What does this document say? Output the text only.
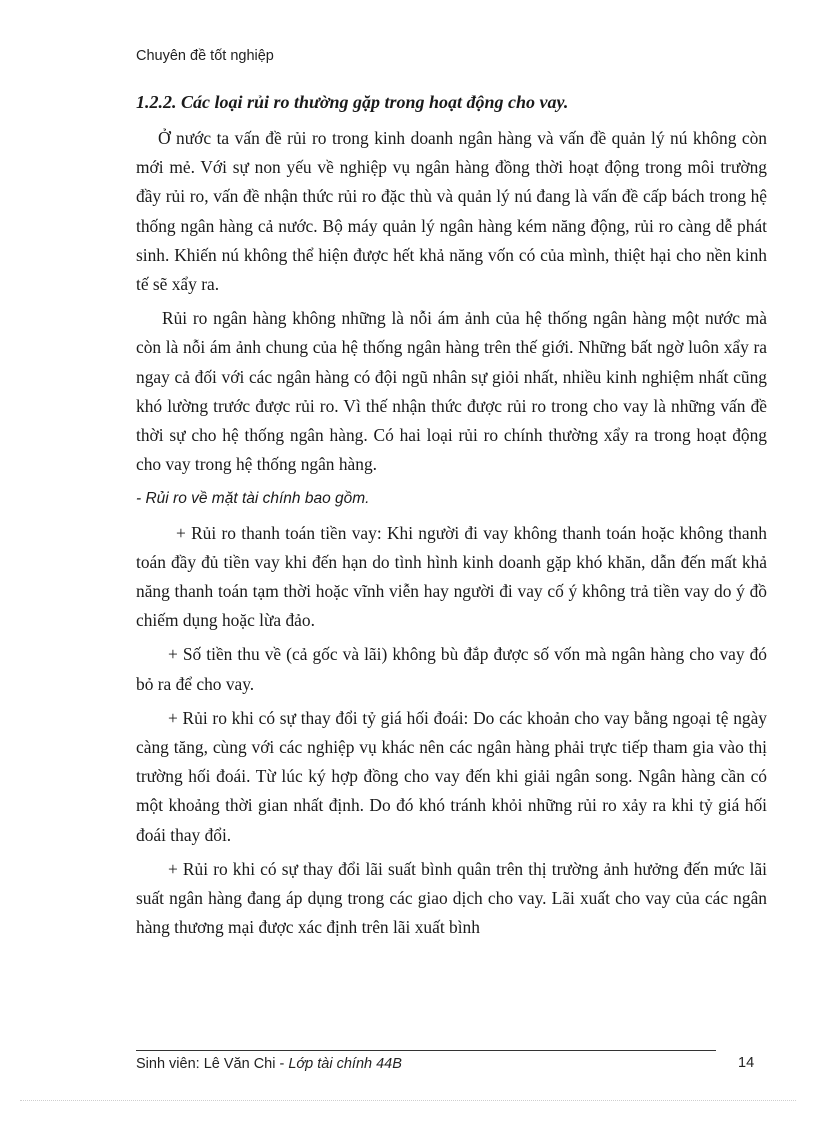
Chuyên đề tốt nghiệp
1.2.2. Các loại rủi ro thường gặp trong hoạt động cho vay.

Ở nước ta vấn đề rủi ro trong kinh doanh ngân hàng và vấn đề quản lý nú không còn mới mẻ. Với sự non yếu về nghiệp vụ ngân hàng đồng thời hoạt động trong môi trường đầy rủi ro, vấn đề nhận thức rủi ro đặc thù và quản lý nú đang là vấn đề cấp bách trong hệ thống ngân hàng cả nước. Bộ máy quản lý ngân hàng kém năng động, rủi ro càng dễ phát sinh. Khiến nú không thể hiện được hết khả năng vốn có của mình, thiệt hại cho nền kinh tế sẽ xẩy ra.

Rủi ro ngân hàng không những là nỗi ám ảnh của hệ thống ngân hàng một nước mà còn là nỗi ám ảnh chung của hệ thống ngân hàng trên thế giới. Những bất ngờ luôn xẩy ra ngay cả đối với các ngân hàng có đội ngũ nhân sự giỏi nhất, nhiều kinh nghiệm nhất cũng khó lường trước được rủi ro. Vì thế nhận thức được rủi ro trong cho vay là những vấn đề thời sự cho hệ thống ngân hàng. Có hai loại rủi ro chính thường xẩy ra trong hoạt động cho vay trong hệ thống ngân hàng.

- Rủi ro về mặt tài chính bao gồm.

+ Rủi ro thanh toán tiền vay: Khi người đi vay không thanh toán hoặc không thanh toán đầy đủ tiền vay khi đến hạn do tình hình kinh doanh gặp khó khăn, dẫn đến mất khả năng thanh toán tạm thời hoặc vĩnh viễn hay người đi vay cố ý không trả tiền vay do ý đồ chiếm dụng hoặc lừa đảo.

+ Số tiền thu về (cả gốc và lãi) không bù đắp được số vốn mà ngân hàng cho vay đó bỏ ra để cho vay.

+ Rủi ro khi có sự thay đổi tỷ giá hối đoái: Do các khoản cho vay bằng ngoại tệ ngày càng tăng, cùng với các nghiệp vụ khác nên các ngân hàng phải trực tiếp tham gia vào thị trường hối đoái. Từ lúc ký hợp đồng cho vay đến khi giải ngân song. Ngân hàng cần có một khoảng thời gian nhất định. Do đó khó tránh khỏi những rủi ro xảy ra khi tỷ giá hối đoái thay đổi.

+ Rủi ro khi có sự thay đổi lãi suất bình quân trên thị trường ảnh hưởng đến mức lãi suất ngân hàng đang áp dụng trong các giao dịch cho vay. Lãi xuất cho vay của các ngân hàng thương mại được xác định trên lãi xuất bình

Sinh viên: Lê Văn Chi - Lớp tài chính 44B	14
